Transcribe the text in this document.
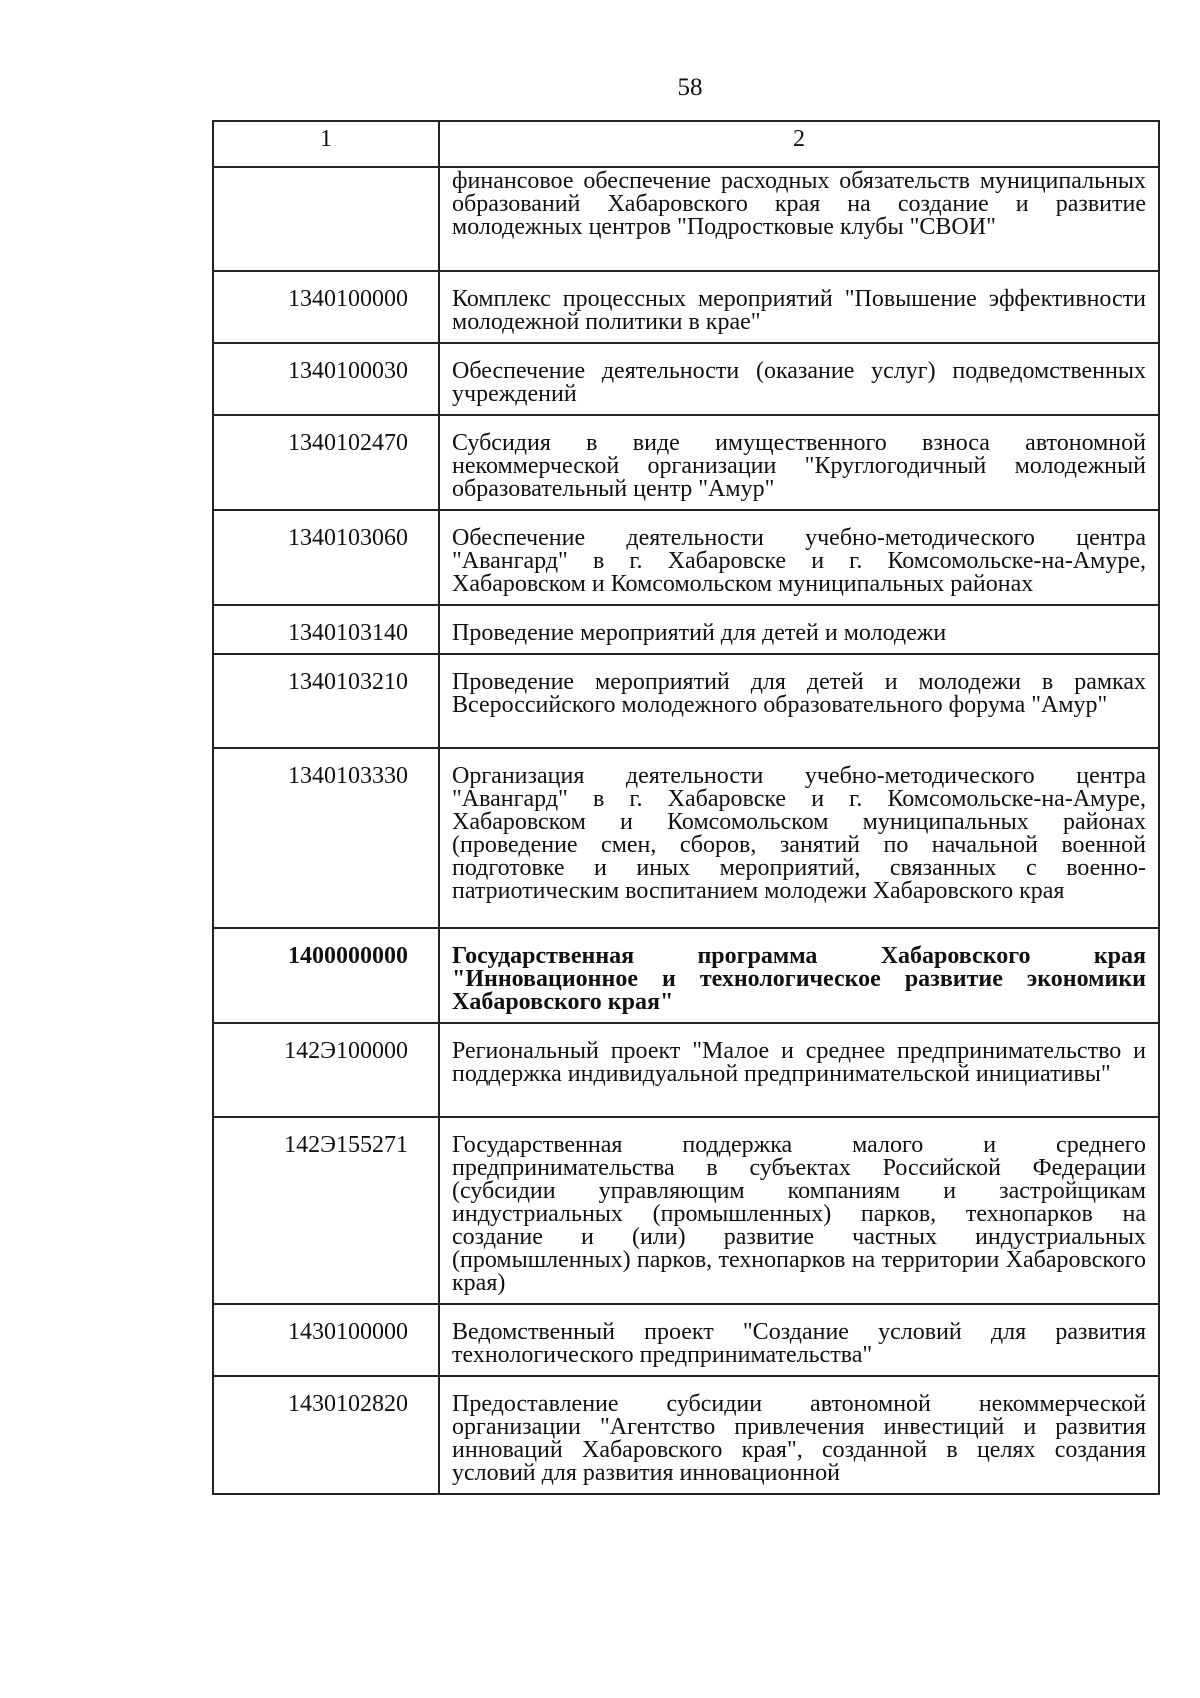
58
1	2
	финансовое обеспечение расходных обязательств муниципальных образований Хабаровского края на создание и развитие молодежных центров "Подростковые клубы "СВОИ"
1340100000	Комплекс процессных мероприятий "Повышение эффективности молодежной политики в крае"
1340100030	Обеспечение деятельности (оказание услуг) подведомственных учреждений
1340102470	Субсидия в виде имущественного взноса автономной некоммерческой организации "Круглогодичный молодежный образовательный центр "Амур"
1340103060	Обеспечение деятельности учебно-методического центра "Авангард" в г. Хабаровске и г. Комсомольске-на-Амуре, Хабаровском и Комсомольском муниципальных районах
1340103140	Проведение мероприятий для детей и молодежи
1340103210	Проведение мероприятий для детей и молодежи в рамках Всероссийского молодежного образовательного форума "Амур"
1340103330	Организация деятельности учебно-методического центра "Авангард" в г. Хабаровске и г. Комсомольске-на-Амуре, Хабаровском и Комсомольском муниципальных районах (проведение смен, сборов, занятий по начальной военной подготовке и иных мероприятий, связанных с военно-патриотическим воспитанием молодежи Хабаровского края
1400000000	Государственная программа Хабаровского края "Инновационное и технологическое развитие экономики Хабаровского края"
142Э100000	Региональный проект "Малое и среднее предпринимательство и поддержка индивидуальной предпринимательской инициативы"
142Э155271	Государственная поддержка малого и среднего предпринимательства в субъектах Российской Федерации (субсидии управляющим компаниям и застройщикам индустриальных (промышленных) парков, технопарков на создание и (или) развитие частных индустриальных (промышленных) парков, технопарков на территории Хабаровского края)
1430100000	Ведомственный проект "Создание условий для развития технологического предпринимательства"
1430102820	Предоставление субсидии автономной некоммерческой организации "Агентство привлечения инвестиций и развития инноваций Хабаровского края", созданной в целях создания условий для развития инновационной
